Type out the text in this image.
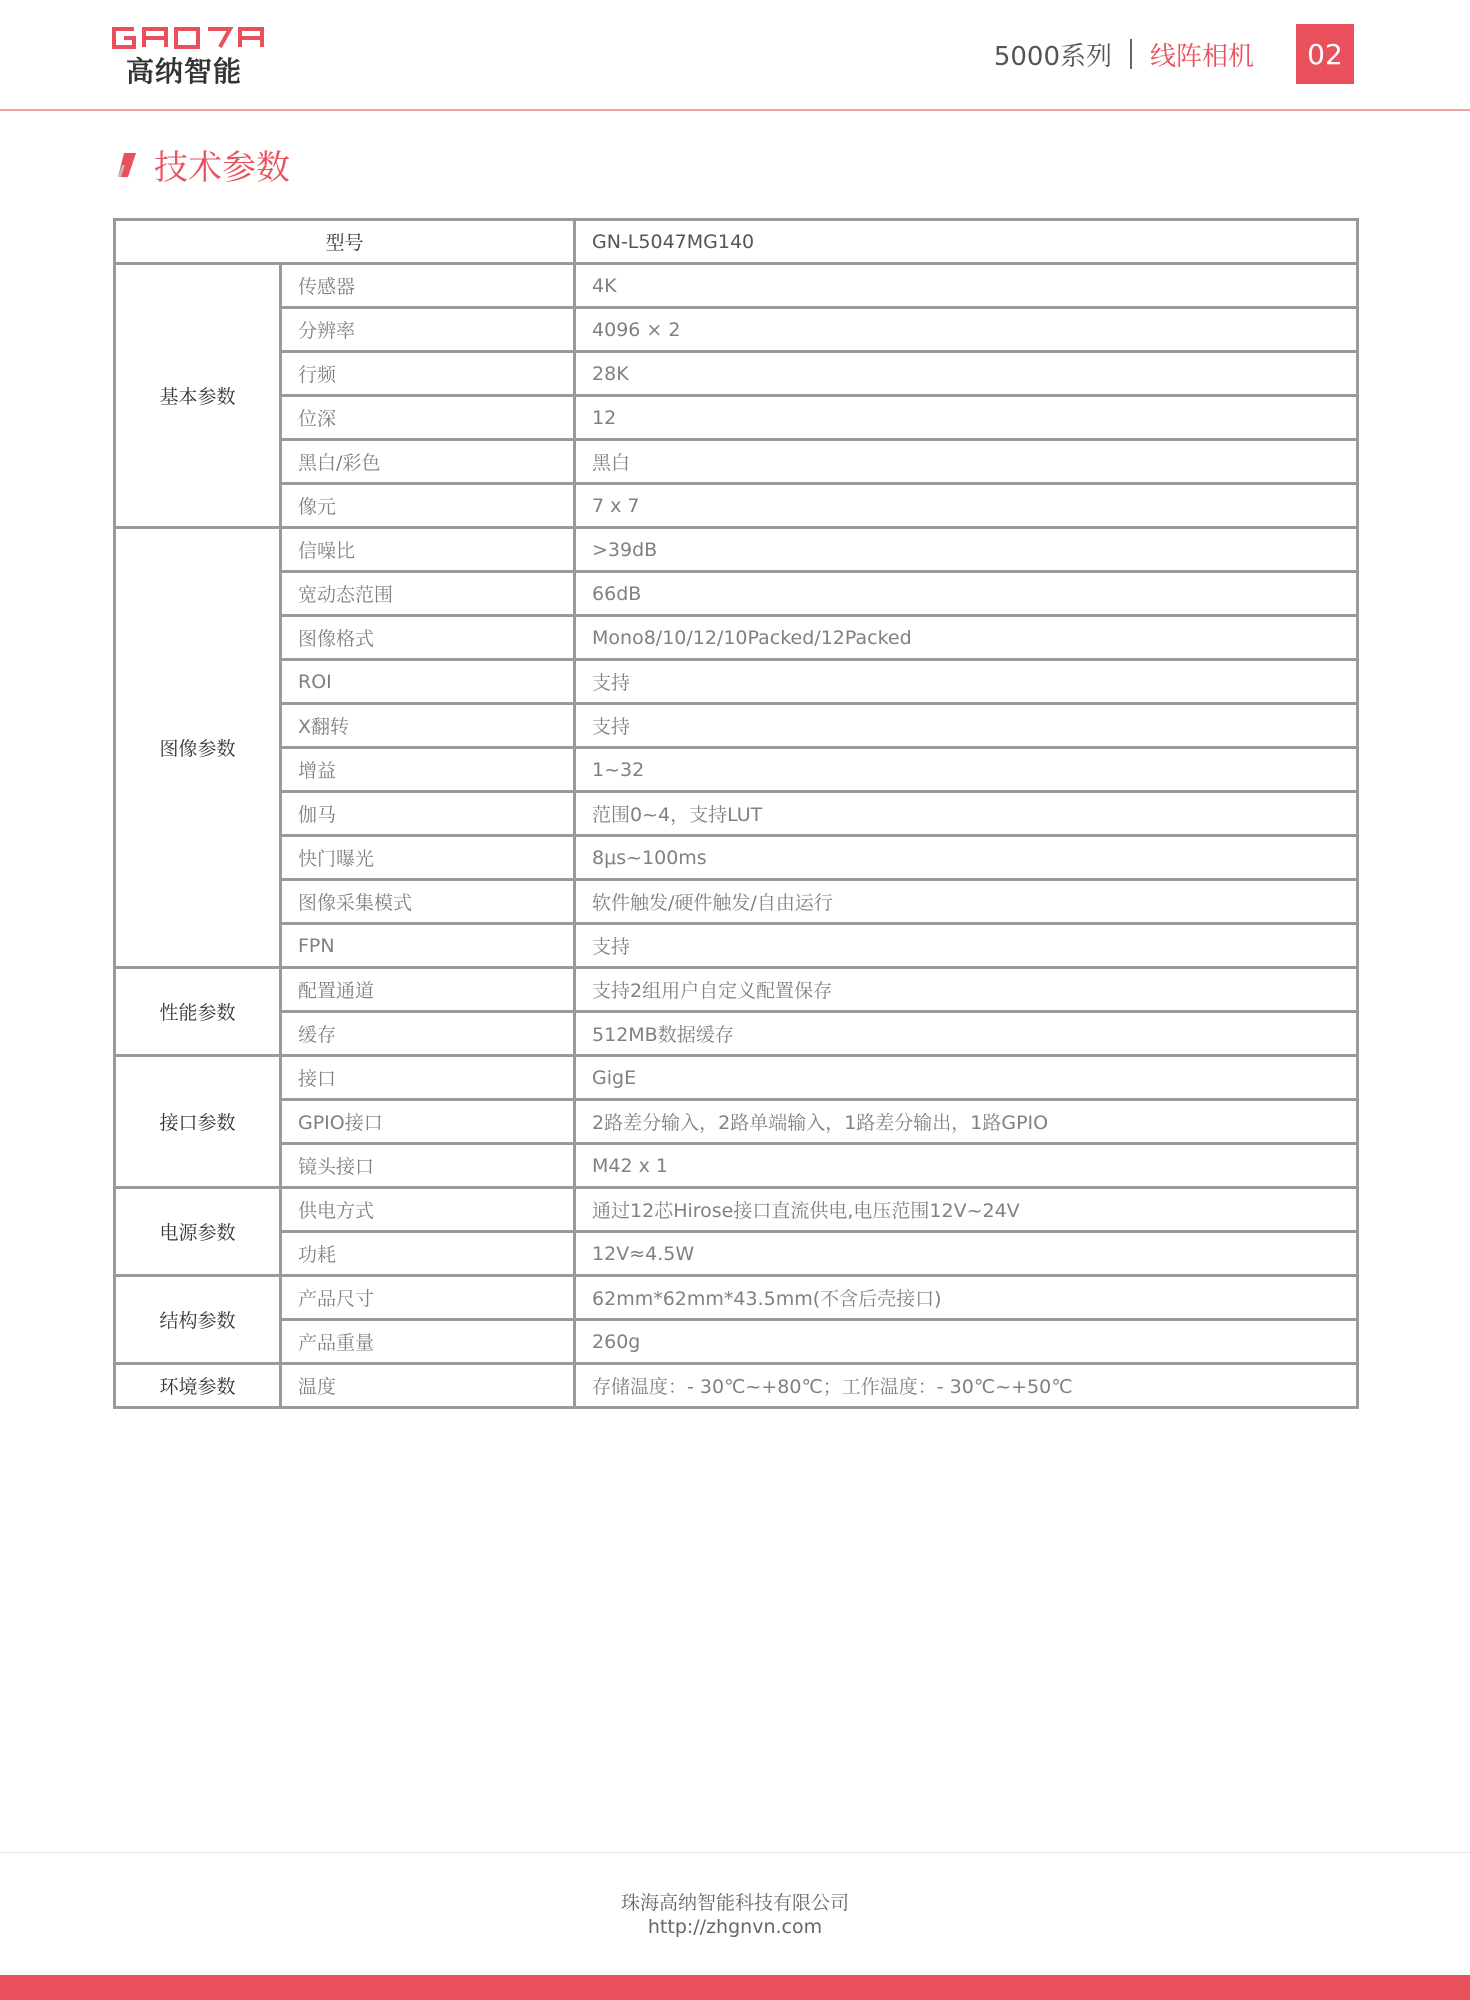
高纳智能	5000系列 线阵相机	02
技术参数
型号		GN-L5047MG140
基本参数	传感器	4K
	分辨率	4096 × 2
	行频	28K
	位深	12
	黑白/彩色	黑白
	像元	7 x 7
图像参数	信噪比	>39dB
	宽动态范围	66dB
	图像格式	Mono8/10/12/10Packed/12Packed
	ROI	支持
	X翻转	支持
	增益	1~32
	伽马	范围0~4，支持LUT
	快门曝光	8μs~100ms
	图像采集模式	软件触发/硬件触发/自由运行
	FPN	支持
性能参数	配置通道	支持2组用户自定义配置保存
	缓存	512MB数据缓存
接口参数	接口	GigE
	GPIO接口	2路差分输入，2路单端输入，1路差分输出，1路GPIO
	镜头接口	M42 x 1
电源参数	供电方式	通过12芯Hirose接口直流供电,电压范围12V~24V
	功耗	12V≈4.5W
结构参数	产品尺寸	62mm*62mm*43.5mm(不含后壳接口)
	产品重量	260g
环境参数	温度	存储温度：- 30℃~+80℃；工作温度：- 30℃~+50℃
珠海高纳智能科技有限公司
http://zhgnvn.com
